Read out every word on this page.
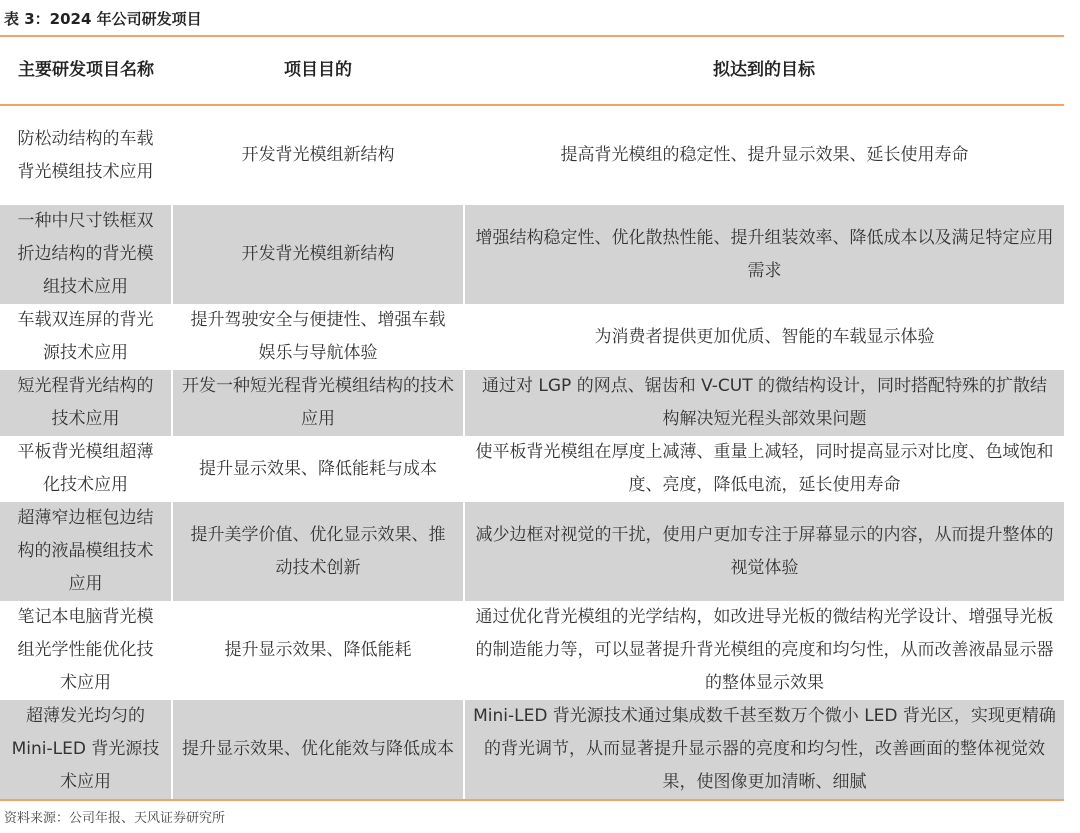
表 3：2024 年公司研发项目
主要研发项目名称	项目目的	拟达到的目标
防松动结构的车载背光模组技术应用	开发背光模组新结构	提高背光模组的稳定性、提升显示效果、延长使用寿命
一种中尺寸铁框双折边结构的背光模组技术应用	开发背光模组新结构	增强结构稳定性、优化散热性能、提升组装效率、降低成本以及满足特定应用需求
车载双连屏的背光源技术应用	提升驾驶安全与便捷性、增强车载娱乐与导航体验	为消费者提供更加优质、智能的车载显示体验
短光程背光结构的技术应用	开发一种短光程背光模组结构的技术应用	通过对 LGP 的网点、锯齿和 V-CUT 的微结构设计，同时搭配特殊的扩散结构解决短光程头部效果问题
平板背光模组超薄化技术应用	提升显示效果、降低能耗与成本	使平板背光模组在厚度上减薄、重量上减轻，同时提高显示对比度、色域饱和度、亮度，降低电流，延长使用寿命
超薄窄边框包边结构的液晶模组技术应用	提升美学价值、优化显示效果、推动技术创新	减少边框对视觉的干扰，使用户更加专注于屏幕显示的内容，从而提升整体的视觉体验
笔记本电脑背光模组光学性能优化技术应用	提升显示效果、降低能耗	通过优化背光模组的光学结构，如改进导光板的微结构光学设计、增强导光板的制造能力等，可以显著提升背光模组的亮度和均匀性，从而改善液晶显示器的整体显示效果
超薄发光均匀的 Mini-LED 背光源技术应用	提升显示效果、优化能效与降低成本	Mini-LED 背光源技术通过集成数千甚至数万个微小 LED 背光区，实现更精确的背光调节，从而显著提升显示器的亮度和均匀性，改善画面的整体视觉效果，使图像更加清晰、细腻
资料来源：公司年报、天风证券研究所
